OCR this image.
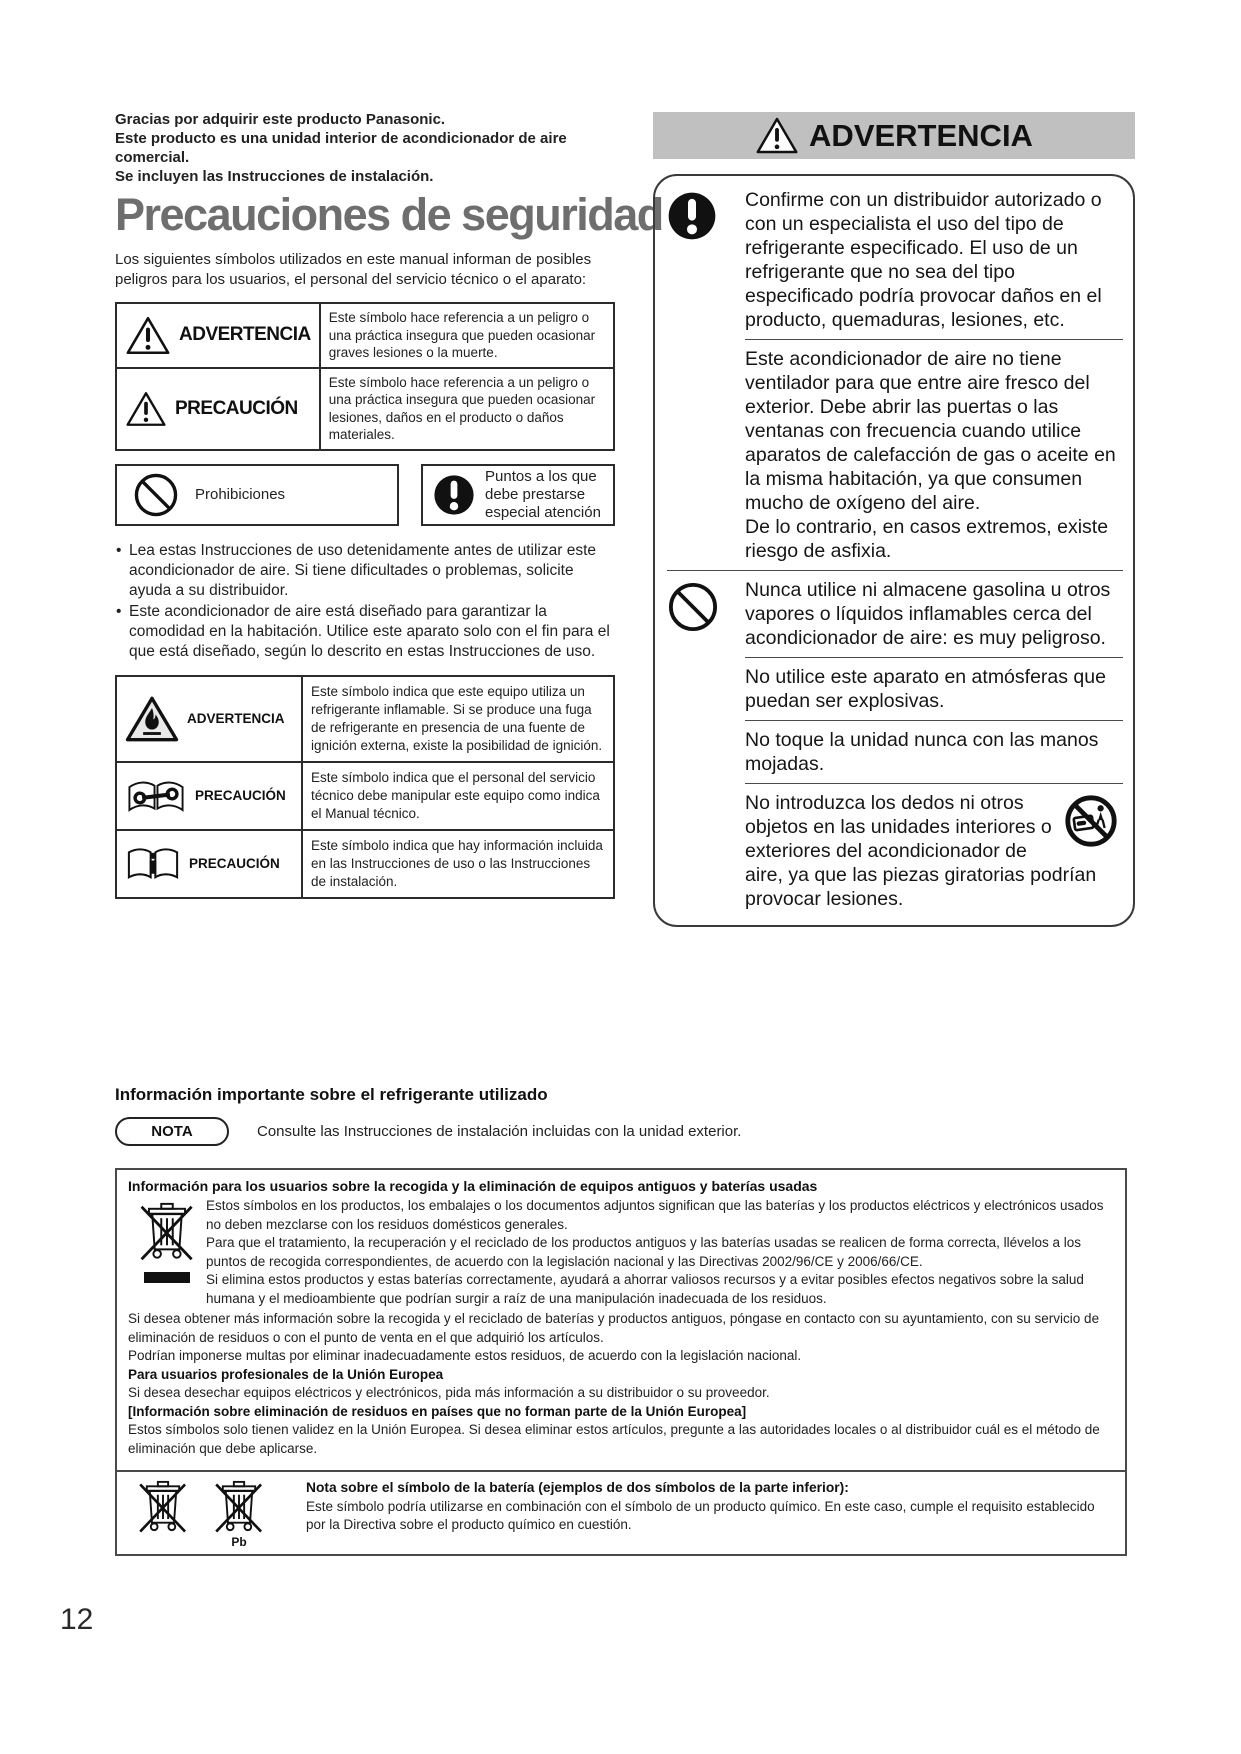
Gracias por adquirir este producto Panasonic.
Este producto es una unidad interior de acondicionador de aire comercial.
Se incluyen las Instrucciones de instalación.
Precauciones de seguridad
Los siguientes símbolos utilizados en este manual informan de posibles peligros para los usuarios, el personal del servicio técnico o el aparato:
ADVERTENCIA	Este símbolo hace referencia a un peligro o una práctica insegura que pueden ocasionar graves lesiones o la muerte.

PRECAUCIÓN	Este símbolo hace referencia a un peligro o una práctica insegura que pueden ocasionar lesiones, daños en el producto o daños materiales.
Prohibiciones
Puntos a los que debe prestarse especial atención
• Lea estas Instrucciones de uso detenidamente antes de utilizar este acondicionador de aire. Si tiene dificultades o problemas, solicite ayuda a su distribuidor.
• Este acondicionador de aire está diseñado para garantizar la comodidad en la habitación. Utilice este aparato solo con el fin para el que está diseñado, según lo descrito en estas Instrucciones de uso.
ADVERTENCIA	Este símbolo indica que este equipo utiliza un refrigerante inflamable. Si se produce una fuga de refrigerante en presencia de una fuente de ignición externa, existe la posibilidad de ignición.

PRECAUCIÓN	Este símbolo indica que el personal del servicio técnico debe manipular este equipo como indica el Manual técnico.

PRECAUCIÓN	Este símbolo indica que hay información incluida en las Instrucciones de uso o las Instrucciones de instalación.
ADVERTENCIA
Confirme con un distribuidor autorizado o con un especialista el uso del tipo de refrigerante especificado. El uso de un refrigerante que no sea del tipo especificado podría provocar daños en el producto, quemaduras, lesiones, etc.

Este acondicionador de aire no tiene ventilador para que entre aire fresco del exterior. Debe abrir las puertas o las ventanas con frecuencia cuando utilice aparatos de calefacción de gas o aceite en la misma habitación, ya que consumen mucho de oxígeno del aire.

De lo contrario, en casos extremos, existe riesgo de asfixia.

Nunca utilice ni almacene gasolina u otros vapores o líquidos inflamables cerca del acondicionador de aire: es muy peligroso.
No utilice este aparato en atmósferas que puedan ser explosivas.
No toque la unidad nunca con las manos mojadas.
No introduzca los dedos ni otros objetos en las unidades interiores o exteriores del acondicionador de aire, ya que las piezas giratorias podrían provocar lesiones.
Información importante sobre el refrigerante utilizado
NOTA	Consulte las Instrucciones de instalación incluidas con la unidad exterior.
Información para los usuarios sobre la recogida y la eliminación de equipos antiguos y baterías usadas

Estos símbolos en los productos, los embalajes o los documentos adjuntos significan que las baterías y los productos eléctricos y electrónicos usados no deben mezclarse con los residuos domésticos generales.

Para que el tratamiento, la recuperación y el reciclado de los productos antiguos y las baterías usadas se realicen de forma correcta, llévelos a los puntos de recogida correspondientes, de acuerdo con la legislación nacional y las Directivas 2002/96/CE y 2006/66/CE.

Si elimina estos productos y estas baterías correctamente, ayudará a ahorrar valiosos recursos y a evitar posibles efectos negativos sobre la salud humana y el medioambiente que podrían surgir a raíz de una manipulación inadecuada de los residuos.

Si desea obtener más información sobre la recogida y el reciclado de baterías y productos antiguos, póngase en contacto con su ayuntamiento, con su servicio de eliminación de residuos o con el punto de venta en el que adquirió los artículos.

Podrían imponerse multas por eliminar inadecuadamente estos residuos, de acuerdo con la legislación nacional.

Para usuarios profesionales de la Unión Europea

Si desea desechar equipos eléctricos y electrónicos, pida más información a su distribuidor o su proveedor.

[Información sobre eliminación de residuos en países que no forman parte de la Unión Europea]

Estos símbolos solo tienen validez en la Unión Europea. Si desea eliminar estos artículos, pregunte a las autoridades locales o al distribuidor cuál es el método de eliminación que debe aplicarse.

Pb
Nota sobre el símbolo de la batería (ejemplos de dos símbolos de la parte inferior):
Este símbolo podría utilizarse en combinación con el símbolo de un producto químico. En este caso, cumple el requisito establecido por la Directiva sobre el producto químico en cuestión.
12
